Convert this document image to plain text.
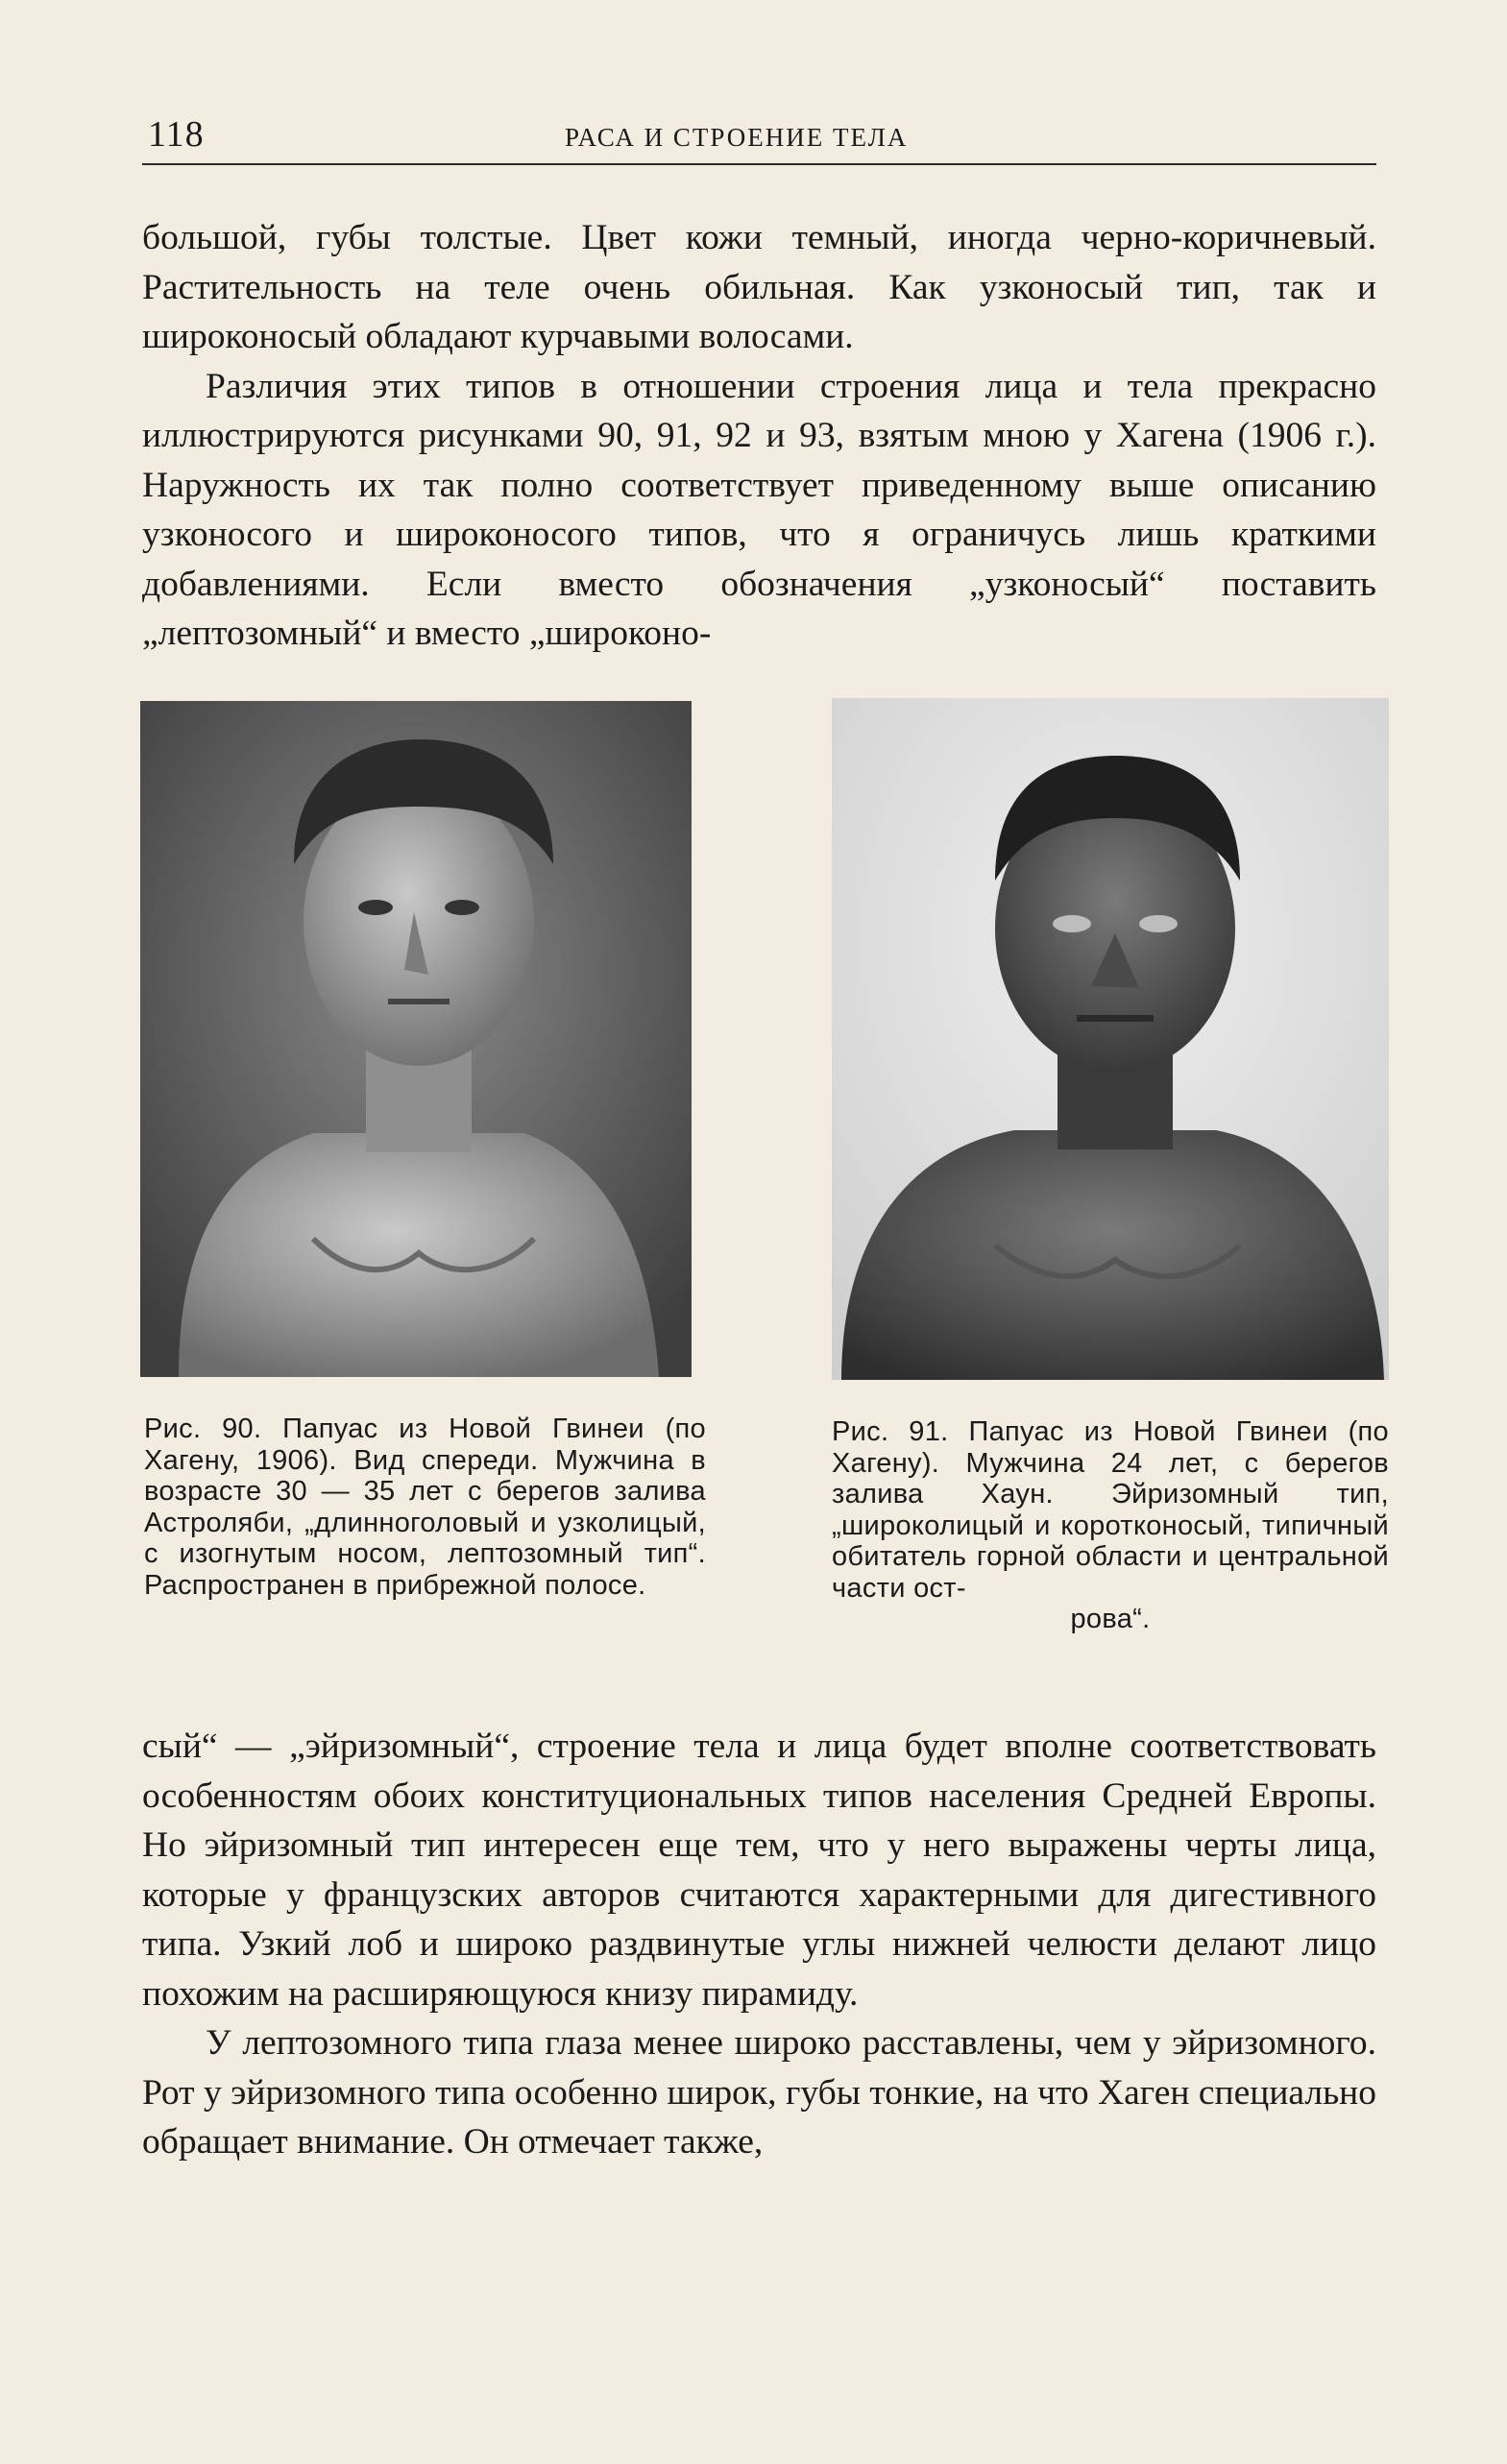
118	РАСА И СТРОЕНИЕ ТЕЛА

большой, губы толстые. Цвет кожи темный, иногда черно-коричневый. Растительность на теле очень обильная. Как узконосый тип, так и широконосый обладают курчавыми волосами.

Различия этих типов в отношении строения лица и тела прекрасно иллюстрируются рисунками 90, 91, 92 и 93, взятым мною у Хагена (1906 г.). Наружность их так полно соответствует приведенному выше описанию узконосого и широконосого типов, что я ограничусь лишь краткими добавлениями. Если вместо обозначения „узконосый“ поставить „лептозомный“ и вместо „широконо-

Рис. 90. Папуас из Новой Гвинеи (по Хагену, 1906). Вид спереди. Мужчина в возрасте 30 — 35 лет с берегов залива Астроляби, „длинноголовый и узколицый, с изогнутым носом, лептозомный тип“. Распространен в прибрежной полосе.
Рис. 91. Папуас из Новой Гвинеи (по Хагену). Мужчина 24 лет, с берегов залива Хаун. Эйризомный тип, „широколицый и коротконосый, типичный обитатель горной области и центральной части ост-
рова“.

сый“ — „эйризомный“, строение тела и лица будет вполне соответствовать особенностям обоих конституциональных типов населения Средней Европы. Но эйризомный тип интересен еще тем, что у него выражены черты лица, которые у французских авторов считаются характерными для дигестивного типа. Узкий лоб и широко раздвинутые углы нижней челюсти делают лицо похожим на расширяющуюся книзу пирамиду.

У лептозомного типа глаза менее широко расставлены, чем у эйризомного. Рот у эйризомного типа особенно широк, губы тонкие, на что Хаген специально обращает внимание. Он отмечает также,
